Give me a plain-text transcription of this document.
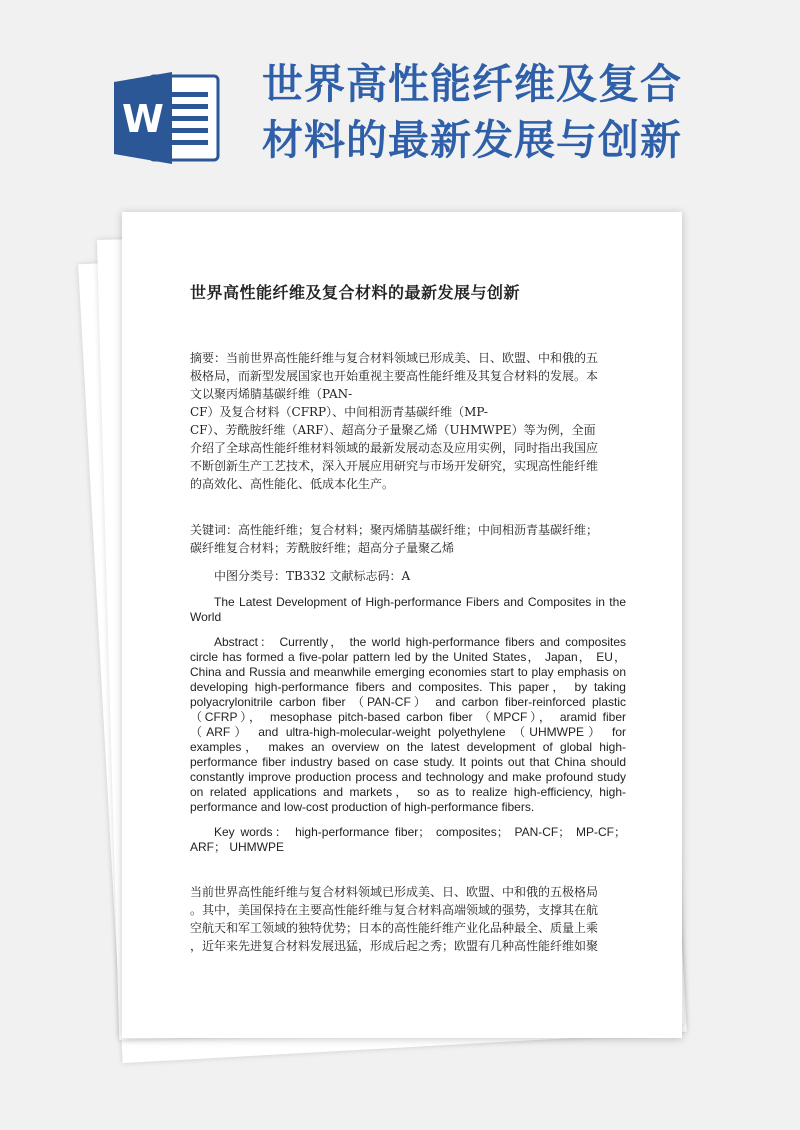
W
世界高性能纤维及复合
材料的最新发展与创新
世界高性能纤维及复合材料的最新发展与创新

摘要：当前世界高性能纤维与复合材料领域已形成美、日、欧盟、中和俄的五

极格局，而新型发展国家也开始重视主要高性能纤维及其复合材料的发展。本

文以聚丙烯腈基碳纤维（PAN-

CF）及复合材料（CFRP）、中间相沥青基碳纤维（MP-

CF）、芳酰胺纤维（ARF）、超高分子量聚乙烯（UHMWPE）等为例，全面

介绍了全球高性能纤维材料领域的最新发展动态及应用实例，同时指出我国应

不断创新生产工艺技术，深入开展应用研究与市场开发研究，实现高性能纤维

的高效化、高性能化、低成本化生产。

关键词：高性能纤维；复合材料；聚丙烯腈基碳纤维；中间相沥青基碳纤维；

碳纤维复合材料；芳酰胺纤维；超高分子量聚乙烯

中图分类号：TB332 文献标志码：A

The Latest Development of High-performance Fibers and Composites in the World

Abstract： Currently， the world high-performance fibers and composites circle has formed a five-polar pattern led by the United States， Japan， EU， China and Russia and meanwhile emerging economies start to play emphasis on developing high-performance fibers and composites. This paper， by taking polyacrylonitrile carbon fiber （PAN-CF） and carbon fiber-reinforced plastic （CFRP）， mesophase pitch-based carbon fiber （MPCF）， aramid fiber （ARF） and ultra-high-molecular-weight polyethylene （UHMWPE） for examples， makes an overview on the latest development of global high-performance fiber industry based on case study. It points out that China should constantly improve production process and technology and make profound study on related applications and markets， so as to realize high-efficiency, high-performance and low-cost production of high-performance fibers.

Key words： high-performance fiber； composites； PAN-CF； MP-CF； ARF； UHMWPE

当前世界高性能纤维与复合材料领域已形成美、日、欧盟、中和俄的五极格局

。其中，美国保持在主要高性能纤维与复合材料高端领域的强势，支撑其在航

空航天和军工领域的独特优势；日本的高性能纤维产业化品种最全、质量上乘

，近年来先进复合材料发展迅猛，形成后起之秀；欧盟有几种高性能纤维如聚
